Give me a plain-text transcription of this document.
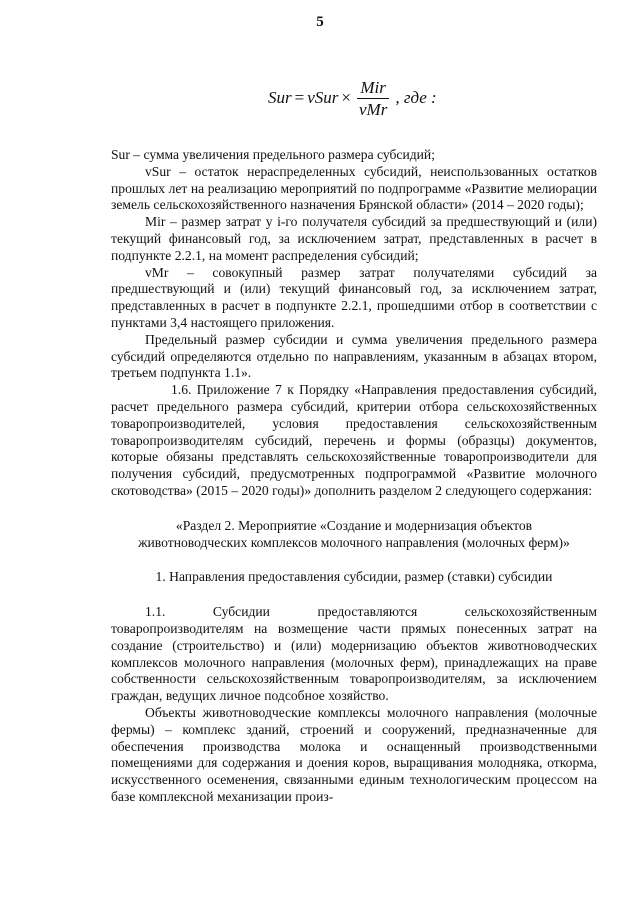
5
Sur = vSur × $\frac{\text{Mir}}{\text{vMr}}$ , где :

Sur – сумма увеличения предельного размера субсидий;

vSur – остаток нераспределенных субсидий, неиспользованных остатков прошлых лет на реализацию мероприятий по подпрограмме «Развитие мелиорации земель сельскохозяйственного назначения Брянской области» (2014 – 2020 годы);

Mir – размер затрат у i-го получателя субсидий за предшествующий и (или) текущий финансовый год, за исключением затрат, представленных в расчет в подпункте 2.2.1, на момент распределения субсидий;

vMr – совокупный размер затрат получателями субсидий за предшествующий и (или) текущий финансовый год, за исключением затрат, представленных в расчет в подпункте 2.2.1, прошедшими отбор в соответствии с пунктами 3,4 настоящего приложения.

Предельный размер субсидии и сумма увеличения предельного размера субсидий определяются отдельно по направлениям, указанным в абзацах втором, третьем подпункта 1.1».

1.6. Приложение 7 к Порядку «Направления предоставления субсидий, расчет предельного размера субсидий, критерии отбора сельскохозяйственных товаропроизводителей, условия предоставления сельскохозяйственным товаропроизводителям субсидий, перечень и формы (образцы) документов, которые обязаны представлять сельскохозяйственные товаропроизводители для получения субсидий, предусмотренных подпрограммой «Развитие молочного скотоводства» (2015 – 2020 годы)» дополнить разделом 2 следующего содержания:

«Раздел 2. Мероприятие «Создание и модернизация объектов

животноводческих комплексов молочного направления (молочных ферм)»

1. Направления предоставления субсидии, размер (ставки) субсидии

1.1. Субсидии предоставляются сельскохозяйственным товаропроизводителям на возмещение части прямых понесенных затрат на создание (строительство) и (или) модернизацию объектов животноводческих комплексов молочного направления (молочных ферм), принадлежащих на праве собственности сельскохозяйственным товаропроизводителям, за исключением граждан, ведущих личное подсобное хозяйство.

Объекты животноводческие комплексы молочного направления (молочные фермы) – комплекс зданий, строений и сооружений, предназначенные для обеспечения производства молока и оснащенный производственными помещениями для содержания и доения коров, выращивания молодняка, откорма, искусственного осеменения, связанными единым технологическим процессом на базе комплексной механизации произ-
